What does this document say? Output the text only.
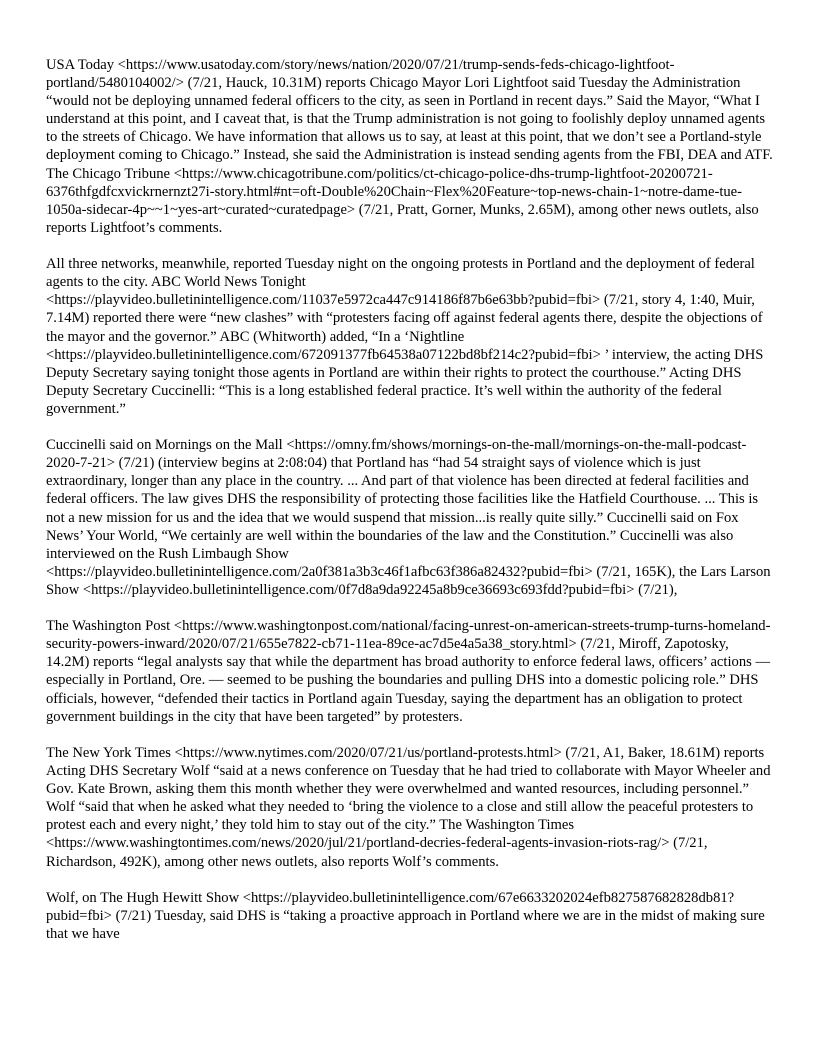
USA Today <https://www.usatoday.com/story/news/nation/2020/07/21/trump-sends-feds-chicago-lightfoot-portland/5480104002/> (7/21, Hauck, 10.31M) reports Chicago Mayor Lori Lightfoot said Tuesday the Administration “would not be deploying unnamed federal officers to the city, as seen in Portland in recent days.” Said the Mayor, “What I understand at this point, and I caveat that, is that the Trump administration is not going to foolishly deploy unnamed agents to the streets of Chicago. We have information that allows us to say, at least at this point, that we don’t see a Portland-style deployment coming to Chicago.” Instead, she said the Administration is instead sending agents from the FBI, DEA and ATF. The Chicago Tribune <https://www.chicagotribune.com/politics/ct-chicago-police-dhs-trump-lightfoot-20200721-6376thfgdfcxvickrnernzt27i-story.html#nt=oft-Double%20Chain~Flex%20Feature~top-news-chain-1~notre-dame-tue-1050a-sidecar-4p~~1~yes-art~curated~curatedpage> (7/21, Pratt, Gorner, Munks, 2.65M), among other news outlets, also reports Lightfoot’s comments.

All three networks, meanwhile, reported Tuesday night on the ongoing protests in Portland and the deployment of federal agents to the city. ABC World News Tonight <https://playvideo.bulletinintelligence.com/11037e5972ca447c914186f87b6e63bb?pubid=fbi> (7/21, story 4, 1:40, Muir, 7.14M) reported there were “new clashes” with “protesters facing off against federal agents there, despite the objections of the mayor and the governor.” ABC (Whitworth) added, “In a ‘Nightline <https://playvideo.bulletinintelligence.com/672091377fb64538a07122bd8bf214c2?pubid=fbi> ’ interview, the acting DHS Deputy Secretary saying tonight those agents in Portland are within their rights to protect the courthouse.” Acting DHS Deputy Secretary Cuccinelli: “This is a long established federal practice. It’s well within the authority of the federal government.”

Cuccinelli said on Mornings on the Mall <https://omny.fm/shows/mornings-on-the-mall/mornings-on-the-mall-podcast-2020-7-21> (7/21) (interview begins at 2:08:04) that Portland has “had 54 straight says of violence which is just extraordinary, longer than any place in the country. ... And part of that violence has been directed at federal facilities and federal officers. The law gives DHS the responsibility of protecting those facilities like the Hatfield Courthouse. ... This is not a new mission for us and the idea that we would suspend that mission...is really quite silly.” Cuccinelli said on Fox News’ Your World, “We certainly are well within the boundaries of the law and the Constitution.” Cuccinelli was also interviewed on the Rush Limbaugh Show <https://playvideo.bulletinintelligence.com/2a0f381a3b3c46f1afbc63f386a82432?pubid=fbi> (7/21, 165K), the Lars Larson Show <https://playvideo.bulletinintelligence.com/0f7d8a9da92245a8b9ce36693c693fdd?pubid=fbi> (7/21),

The Washington Post <https://www.washingtonpost.com/national/facing-unrest-on-american-streets-trump-turns-homeland-security-powers-inward/2020/07/21/655e7822-cb71-11ea-89ce-ac7d5e4a5a38_story.html> (7/21, Miroff, Zapotosky, 14.2M) reports “legal analysts say that while the department has broad authority to enforce federal laws, officers’ actions — especially in Portland, Ore. — seemed to be pushing the boundaries and pulling DHS into a domestic policing role.” DHS officials, however, “defended their tactics in Portland again Tuesday, saying the department has an obligation to protect government buildings in the city that have been targeted” by protesters.

The New York Times <https://www.nytimes.com/2020/07/21/us/portland-protests.html> (7/21, A1, Baker, 18.61M) reports Acting DHS Secretary Wolf “said at a news conference on Tuesday that he had tried to collaborate with Mayor Wheeler and Gov. Kate Brown, asking them this month whether they were overwhelmed and wanted resources, including personnel.” Wolf “said that when he asked what they needed to ‘bring the violence to a close and still allow the peaceful protesters to protest each and every night,’ they told him to stay out of the city.” The Washington Times <https://www.washingtontimes.com/news/2020/jul/21/portland-decries-federal-agents-invasion-riots-rag/> (7/21, Richardson, 492K), among other news outlets, also reports Wolf’s comments.

Wolf, on The Hugh Hewitt Show <https://playvideo.bulletinintelligence.com/67e6633202024efb827587682828db81?pubid=fbi> (7/21) Tuesday, said DHS is “taking a proactive approach in Portland where we are in the midst of making sure that we have
